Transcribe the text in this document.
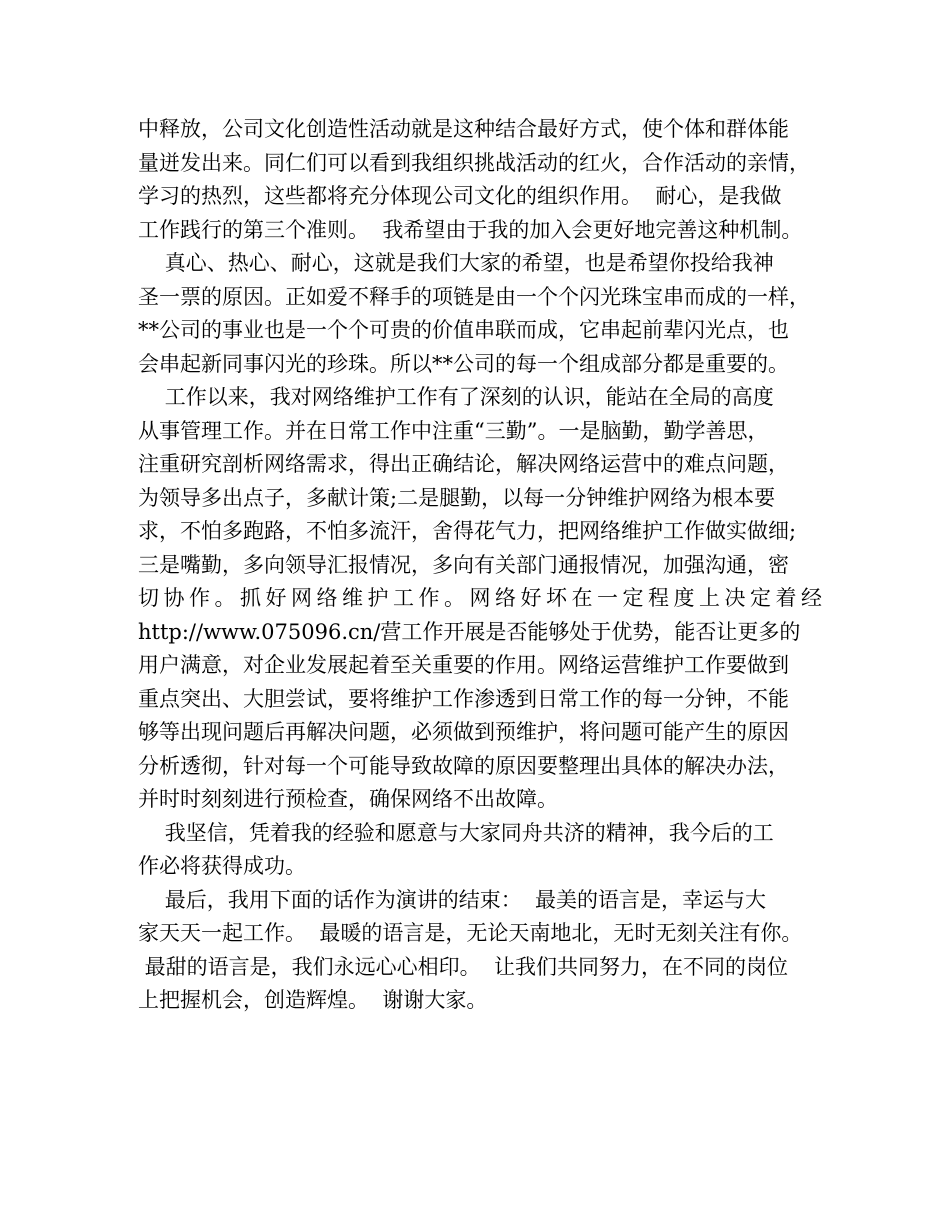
中释放，公司文化创造性活动就是这种结合最好方式，使个体和群体能
量迸发出来。同仁们可以看到我组织挑战活动的红火，合作活动的亲情，
学习的热烈，这些都将充分体现公司文化的组织作用。  耐心，是我做
工作践行的第三个准则。  我希望由于我的加入会更好地完善这种机制。
真心、热心、耐心，这就是我们大家的希望，也是希望你投给我神
圣一票的原因。正如爱不释手的项链是由一个个闪光珠宝串而成的一样，
**公司的事业也是一个个可贵的价值串联而成，它串起前辈闪光点，也
会串起新同事闪光的珍珠。所以**公司的每一个组成部分都是重要的。
工作以来，我对网络维护工作有了深刻的认识，能站在全局的高度
从事管理工作。并在日常工作中注重“三勤”。一是脑勤，勤学善思，
注重研究剖析网络需求，得出正确结论，解决网络运营中的难点问题，
为领导多出点子，多献计策;二是腿勤，以每一分钟维护网络为根本要
求，不怕多跑路，不怕多流汗，舍得花气力，把网络维护工作做实做细;
三是嘴勤，多向领导汇报情况，多向有关部门通报情况，加强沟通，密
切协作。抓好网络维护工作。网络好坏在一定程度上决定着经
http://www.075096.cn/营工作开展是否能够处于优势，能否让更多的
用户满意，对企业发展起着至关重要的作用。网络运营维护工作要做到
重点突出、大胆尝试，要将维护工作渗透到日常工作的每一分钟，不能
够等出现问题后再解决问题，必须做到预维护，将问题可能产生的原因
分析透彻，针对每一个可能导致故障的原因要整理出具体的解决办法，
并时时刻刻进行预检查，确保网络不出故障。
我坚信，凭着我的经验和愿意与大家同舟共济的精神，我今后的工
作必将获得成功。
最后，我用下面的话作为演讲的结束：  最美的语言是，幸运与大
家天天一起工作。  最暖的语言是，无论天南地北，无时无刻关注有你。
最甜的语言是，我们永远心心相印。  让我们共同努力，在不同的岗位
上把握机会，创造辉煌。  谢谢大家。
